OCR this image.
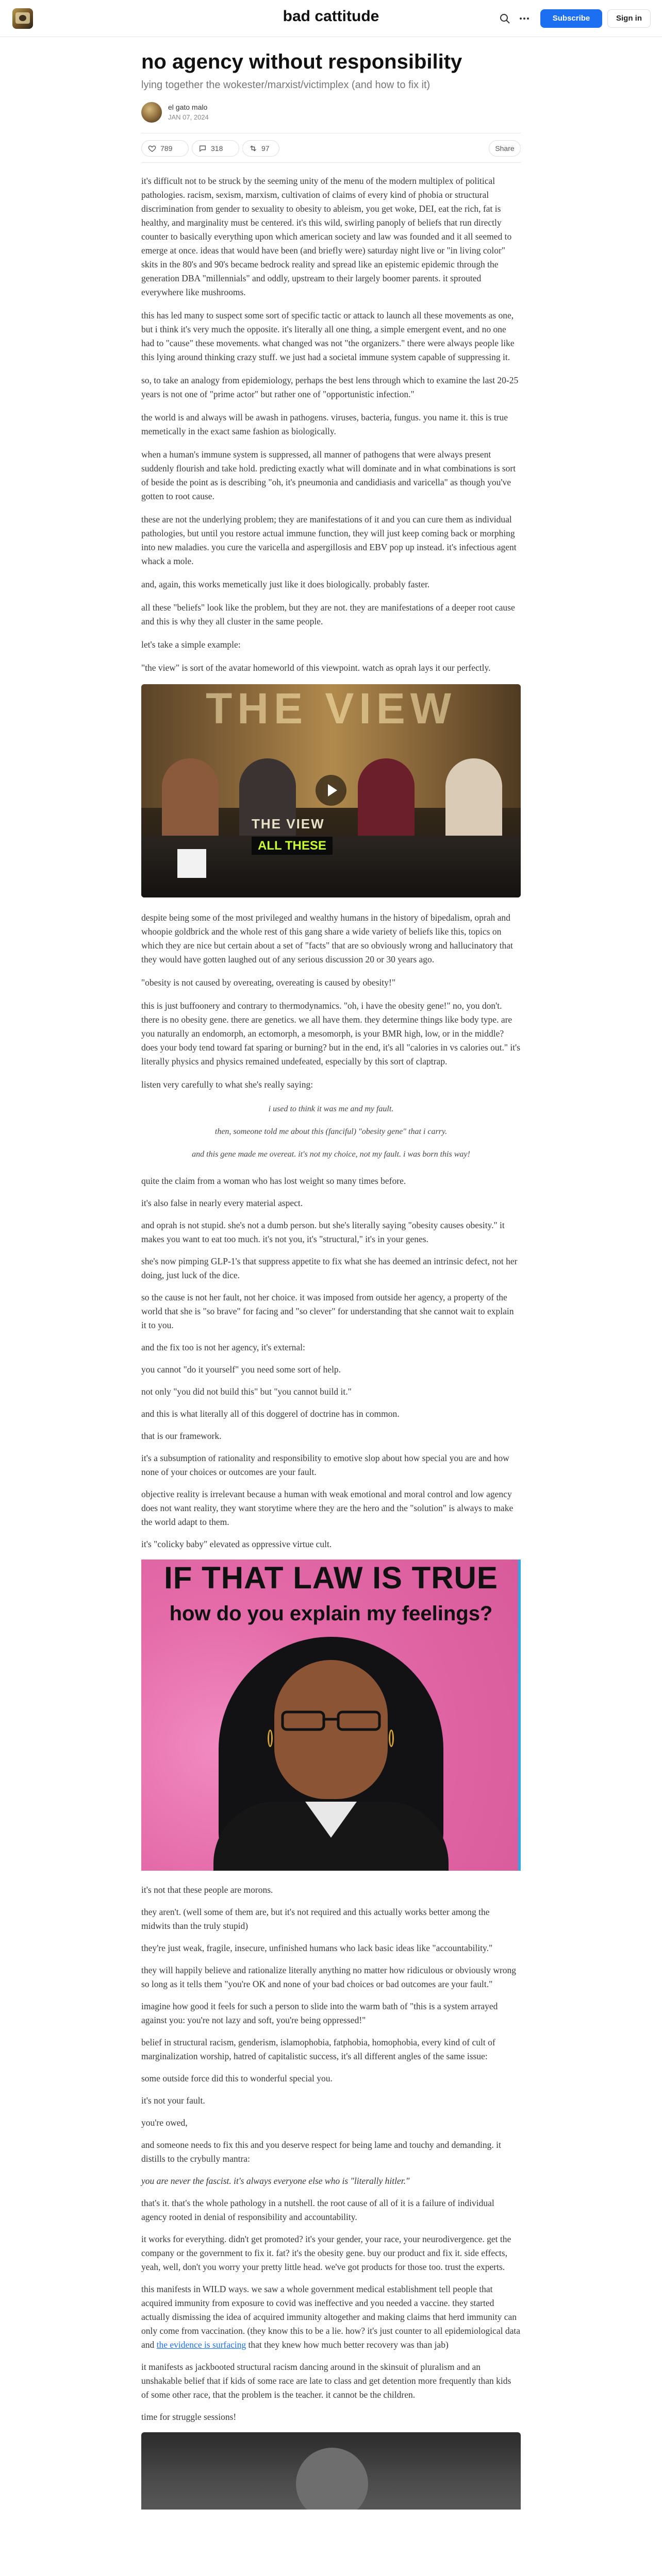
bad cattitude	Subscribe	Sign in
no agency without responsibility
lying together the wokester/marxist/victimplex (and how to fix it)
el gato malo
JAN 07, 2024
789	318	97	Share

it's difficult not to be struck by the seeming unity of the menu of the modern multiplex of political pathologies. racism, sexism, marxism, cultivation of claims of every kind of phobia or structural discrimination from gender to sexuality to obesity to ableism, you get woke, DEI, eat the rich, fat is healthy, and marginality must be centered. it's this wild, swirling panoply of beliefs that run directly counter to basically everything upon which american society and law was founded and it all seemed to emerge at once. ideas that would have been (and briefly were) saturday night live or "in living color" skits in the 80's and 90's became bedrock reality and spread like an epistemic epidemic through the generation DBA "millennials" and oddly, upstream to their largely boomer parents. it sprouted everywhere like mushrooms.

this has led many to suspect some sort of specific tactic or attack to launch all these movements as one, but i think it's very much the opposite. it's literally all one thing, a simple emergent event, and no one had to "cause" these movements. what changed was not "the organizers." there were always people like this lying around thinking crazy stuff. we just had a societal immune system capable of suppressing it.

so, to take an analogy from epidemiology, perhaps the best lens through which to examine the last 20-25 years is not one of "prime actor" but rather one of "opportunistic infection."

the world is and always will be awash in pathogens. viruses, bacteria, fungus. you name it. this is true memetically in the exact same fashion as biologically.

when a human's immune system is suppressed, all manner of pathogens that were always present suddenly flourish and take hold. predicting exactly what will dominate and in what combinations is sort of beside the point as is describing "oh, it's pneumonia and candidiasis and varicella" as though you've gotten to root cause.

these are not the underlying problem; they are manifestations of it and you can cure them as individual pathologies, but until you restore actual immune function, they will just keep coming back or morphing into new maladies. you cure the varicella and aspergillosis and EBV pop up instead. it's infectious agent whack a mole.

and, again, this works memetically just like it does biologically. probably faster.

all these "beliefs" look like the problem, but they are not. they are manifestations of a deeper root cause and this is why they all cluster in the same people.

let's take a simple example:

"the view" is sort of the avatar homeworld of this viewpoint. watch as oprah lays it our perfectly.

THE VIEW
THE VIEW
ALL THESE

despite being some of the most privileged and wealthy humans in the history of bipedalism, oprah and whoopie goldbrick and the whole rest of this gang share a wide variety of beliefs like this, topics on which they are nice but certain about a set of "facts" that are so obviously wrong and hallucinatory that they would have gotten laughed out of any serious discussion 20 or 30 years ago.

"obesity is not caused by overeating, overeating is caused by obesity!"

this is just buffoonery and contrary to thermodynamics. "oh, i have the obesity gene!" no, you don't. there is no obesity gene. there are genetics. we all have them. they determine things like body type. are you naturally an endomorph, an ectomorph, a mesomorph, is your BMR high, low, or in the middle? does your body tend toward fat sparing or burning? but in the end, it's all "calories in vs calories out." it's literally physics and physics remained undefeated, especially by this sort of claptrap.

listen very carefully to what she's really saying:

i used to think it was me and my fault.

then, someone told me about this (fanciful) "obesity gene" that i carry.

and this gene made me overeat. it's not my choice, not my fault. i was born this way!

quite the claim from a woman who has lost weight so many times before.

it's also false in nearly every material aspect.

and oprah is not stupid. she's not a dumb person. but she's literally saying "obesity causes obesity." it makes you want to eat too much. it's not you, it's "structural," it's in your genes.

she's now pimping GLP-1's that suppress appetite to fix what she has deemed an intrinsic defect, not her doing, just luck of the dice.

so the cause is not her fault, not her choice. it was imposed from outside her agency, a property of the world that she is "so brave" for facing and "so clever" for understanding that she cannot wait to explain it to you.

and the fix too is not her agency, it's external:

you cannot "do it yourself" you need some sort of help.

not only "you did not build this" but "you cannot build it."

and this is what literally all of this doggerel of doctrine has in common.

that is our framework.

it's a subsumption of rationality and responsibility to emotive slop about how special you are and how none of your choices or outcomes are your fault.

objective reality is irrelevant because a human with weak emotional and moral control and low agency does not want reality, they want storytime where they are the hero and the "solution" is always to make the world adapt to them.

it's "colicky baby" elevated as oppressive virtue cult.

IF THAT LAW IS TRUE
how do you explain my feelings?

it's not that these people are morons.

they aren't. (well some of them are, but it's not required and this actually works better among the midwits than the truly stupid)

they're just weak, fragile, insecure, unfinished humans who lack basic ideas like "accountability."

they will happily believe and rationalize literally anything no matter how ridiculous or obviously wrong so long as it tells them "you're OK and none of your bad choices or bad outcomes are your fault."

imagine how good it feels for such a person to slide into the warm bath of "this is a system arrayed against you: you're not lazy and soft, you're being oppressed!"

belief in structural racism, genderism, islamophobia, fatphobia, homophobia, every kind of cult of marginalization worship, hatred of capitalistic success, it's all different angles of the same issue:

some outside force did this to wonderful special you.

it's not your fault.

you're owed,

and someone needs to fix this and you deserve respect for being lame and touchy and demanding. it distills to the crybully mantra:

you are never the fascist. it's always everyone else who is "literally hitler."

that's it. that's the whole pathology in a nutshell. the root cause of all of it is a failure of individual agency rooted in denial of responsibility and accountability.

it works for everything. didn't get promoted? it's your gender, your race, your neurodivergence. get the company or the government to fix it. fat? it's the obesity gene. buy our product and fix it. side effects, yeah, well, don't you worry your pretty little head. we've got products for those too. trust the experts.

this manifests in WILD ways. we saw a whole government medical establishment tell people that acquired immunity from exposure to covid was ineffective and you needed a vaccine. they started actually dismissing the idea of acquired immunity altogether and making claims that herd immunity can only come from vaccination. (they know this to be a lie. how? it's just counter to all epidemiological data and the evidence is surfacing that they knew how much better recovery was than jab)

it manifests as jackbooted structural racism dancing around in the skinsuit of pluralism and an unshakable belief that if kids of some race are late to class and get detention more frequently than kids of some other race, that the problem is the teacher. it cannot be the children.

time for struggle sessions!
